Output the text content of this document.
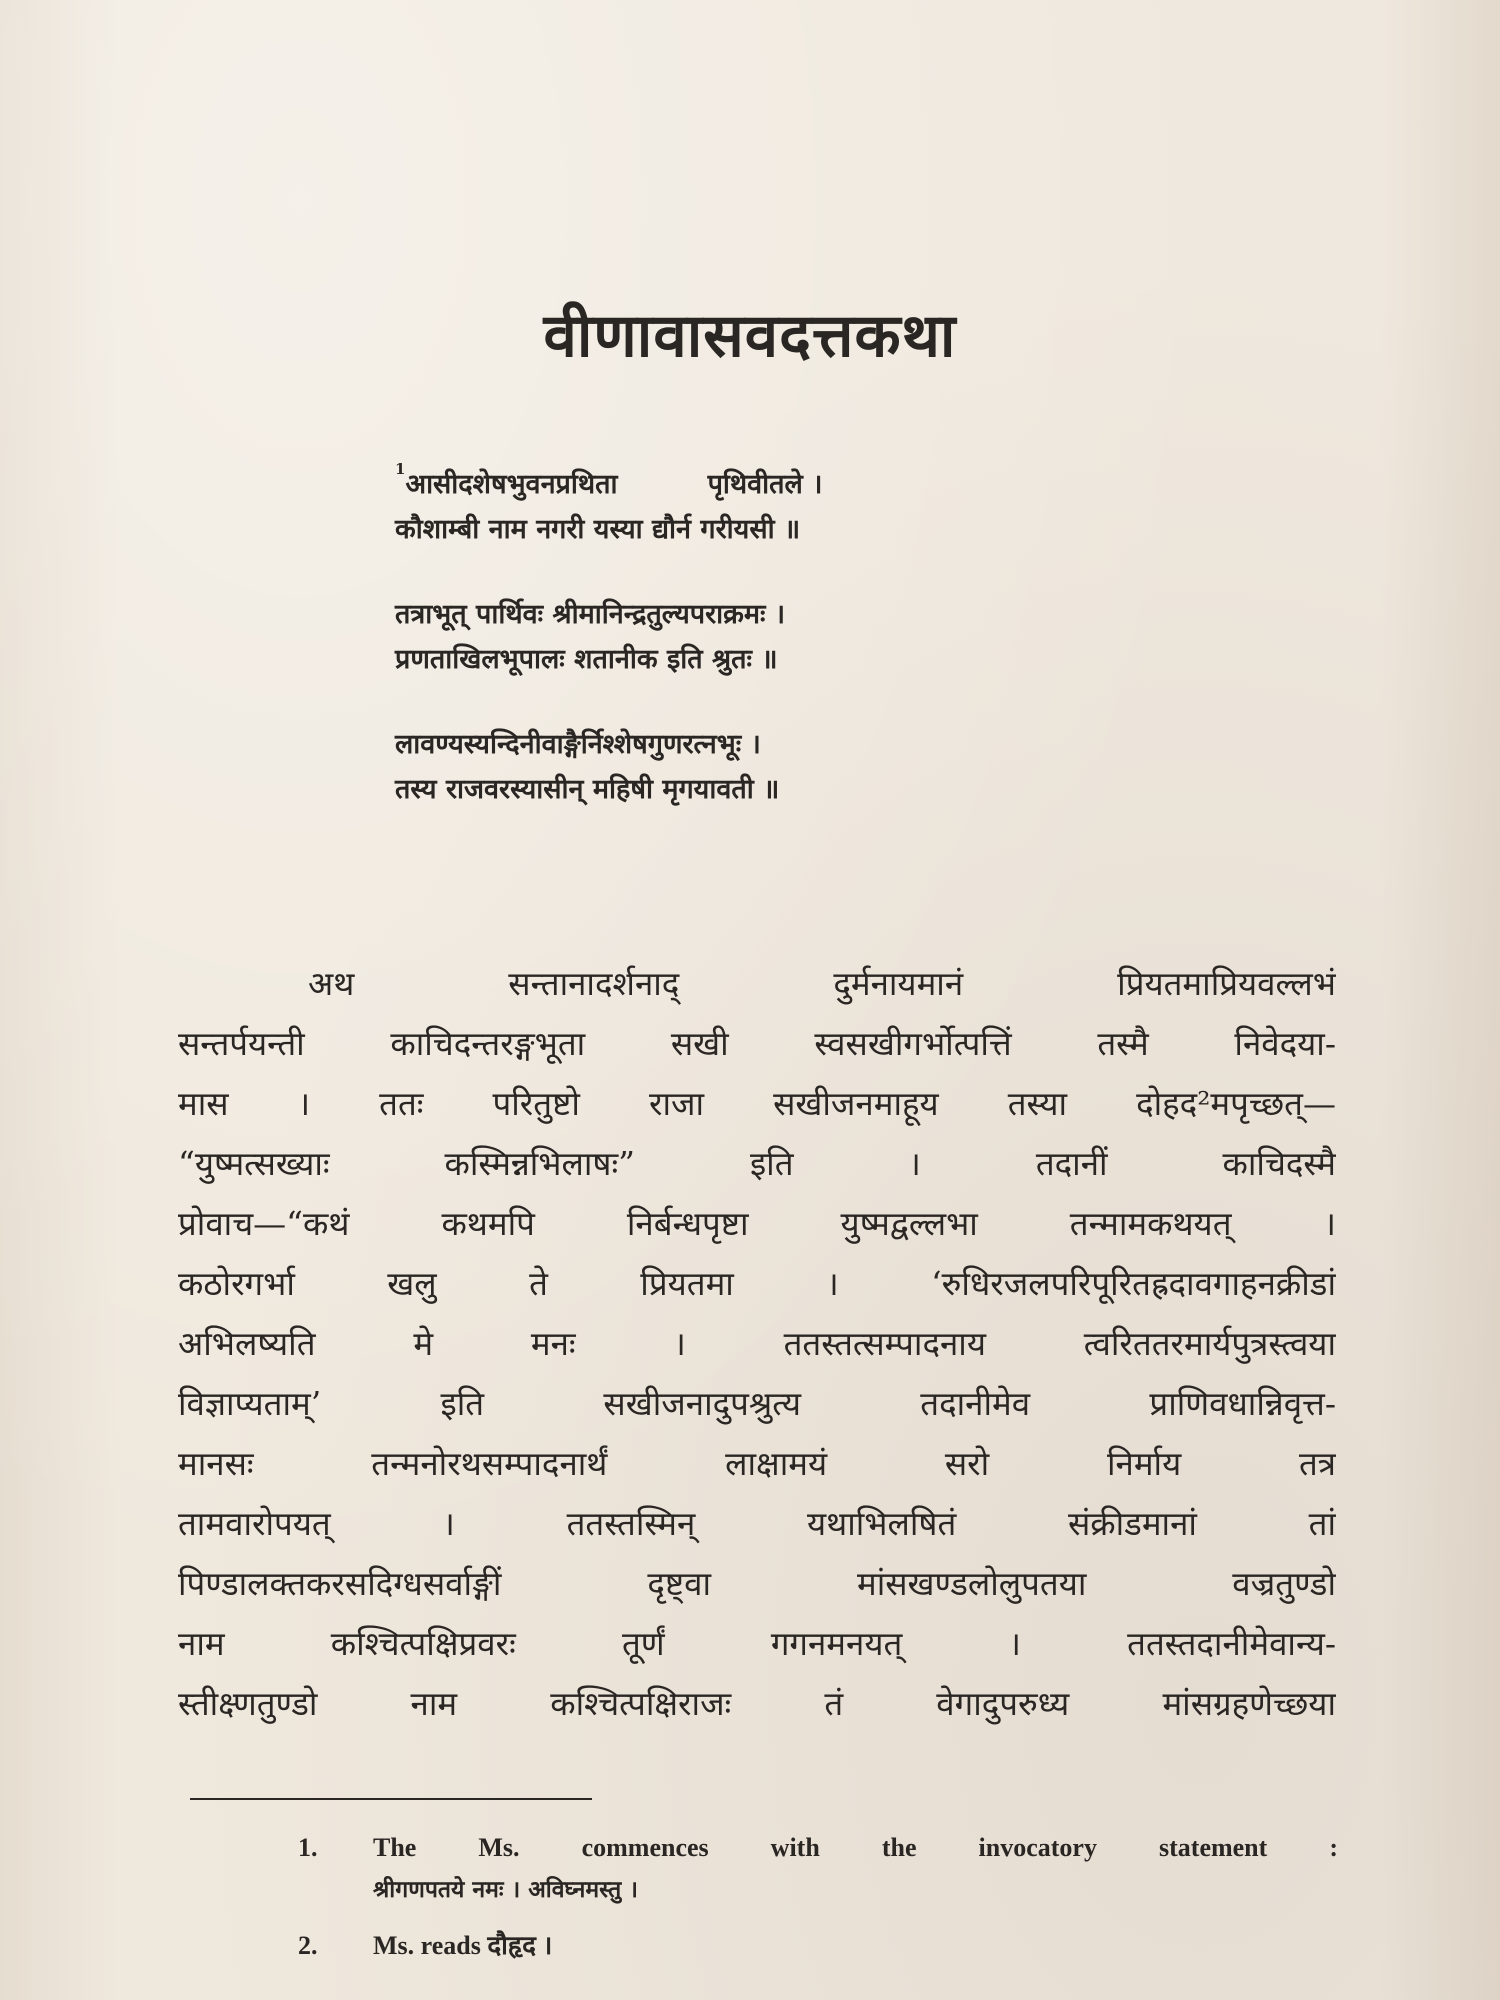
वीणावासवदत्तकथा
$^1$आसीदशेषभुवनप्रथिता	पृथिवीतले ।
कौशाम्बी नाम नगरी यस्या द्यौर्न गरीयसी ॥
तत्राभूत् पार्थिवः श्रीमानिन्द्रतुल्यपराक्रमः ।
प्रणताखिलभूपालः शतानीक इति श्रुतः ॥
लावण्यस्यन्दिनीवाङ्गैर्निश्शेषगुणरत्नभूः ।
तस्य राजवरस्यासीन् महिषी मृगयावती ॥
अथ सन्तानादर्शनाद् दुर्मनायमानं प्रियतमाप्रियवल्लभं
सन्तर्पयन्ती काचिदन्तरङ्गभूता सखी स्वसखीगर्भोत्पत्तिं तस्मै निवेदया-
मास । ततः परितुष्टो राजा सखीजनमाहूय तस्या दोहद²मपृच्छत्—
“युष्मत्सख्याः कस्मिन्नभिलाषः” इति । तदानीं काचिदस्मै
प्रोवाच—“कथं कथमपि निर्बन्धपृष्टा युष्मद्वल्लभा तन्मामकथयत् ।
कठोरगर्भा खलु ते प्रियतमा । ‘रुधिरजलपरिपूरितह्रदावगाहनक्रीडां
अभिलष्यति मे मनः । ततस्तत्सम्पादनाय त्वरिततरमार्यपुत्रस्त्वया
विज्ञाप्यताम्’ इति सखीजनादुपश्रुत्य तदानीमेव प्राणिवधान्निवृत्त-
मानसः तन्मनोरथसम्पादनार्थं लाक्षामयं सरो निर्माय तत्र
तामवारोपयत् । ततस्तस्मिन् यथाभिलषितं संक्रीडमानां तां
पिण्डालक्तकरसदिग्धसर्वाङ्गीं दृष्ट्वा मांसखण्डलोलुपतया वज्रतुण्डो
नाम कश्चित्पक्षिप्रवरः तूर्णं गगनमनयत् । ततस्तदानीमेवान्य-
स्तीक्ष्णतुण्डो नाम कश्चित्पक्षिराजः तं वेगादुपरुध्य मांसग्रहणेच्छया
1. The Ms. commences with the invocatory statement :
श्रीगणपतये नमः । अविघ्नमस्तु ।
2. Ms. reads दौहृद ।
